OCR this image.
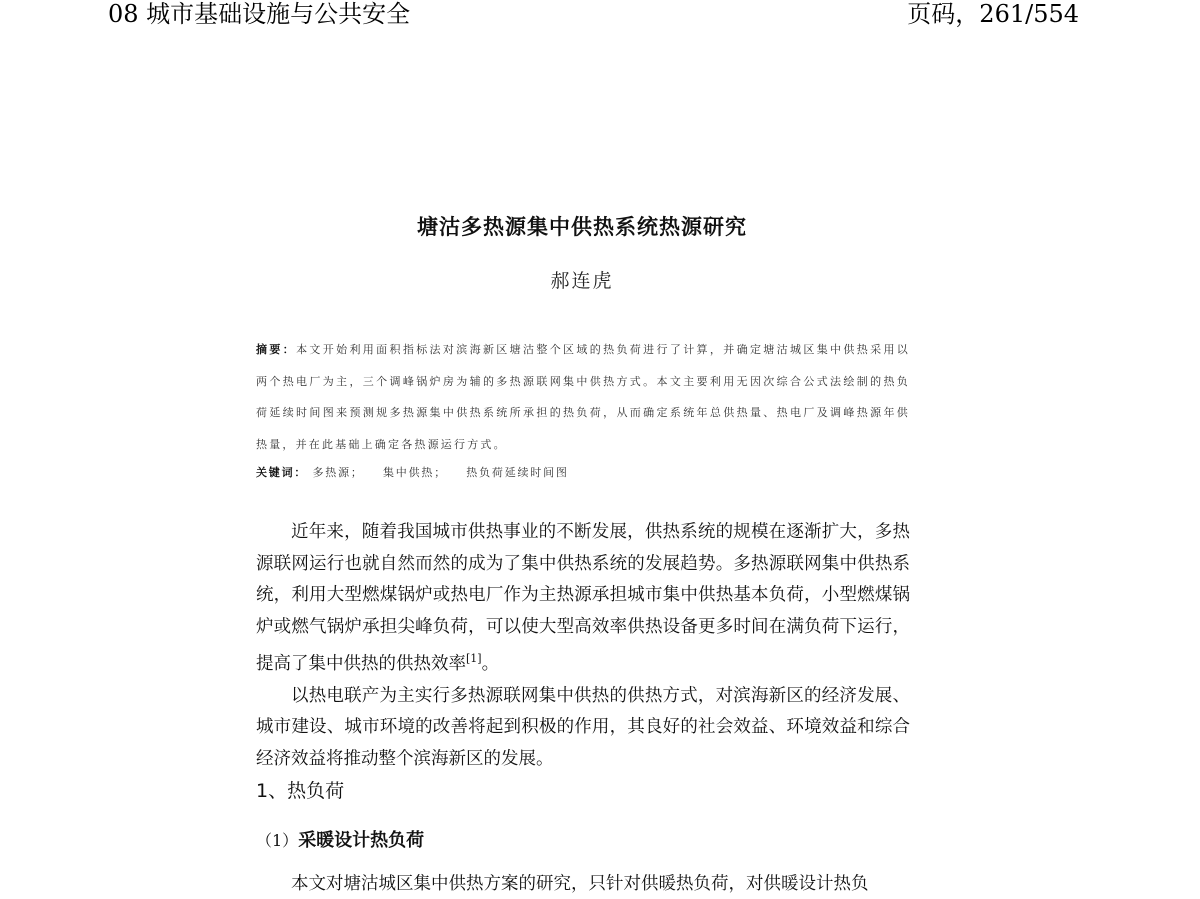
08 城市基础设施与公共安全	页码，261/554
塘沽多热源集中供热系统热源研究
郝连虎
摘要：本文开始利用面积指标法对滨海新区塘沽整个区域的热负荷进行了计算，并确定塘沽城区集中供热采用以两个热电厂为主，三个调峰锅炉房为辅的多热源联网集中供热方式。本文主要利用无因次综合公式法绘制的热负荷延续时间图来预测规多热源集中供热系统所承担的热负荷，从而确定系统年总供热量、热电厂及调峰热源年供热量，并在此基础上确定各热源运行方式。
关键词： 多热源； 集中供热； 热负荷延续时间图

近年来，随着我国城市供热事业的不断发展，供热系统的规模在逐渐扩大，多热源联网运行也就自然而然的成为了集中供热系统的发展趋势。多热源联网集中供热系统，利用大型燃煤锅炉或热电厂作为主热源承担城市集中供热基本负荷，小型燃煤锅炉或燃气锅炉承担尖峰负荷，可以使大型高效率供热设备更多时间在满负荷下运行，提高了集中供热的供热效率[1]。

以热电联产为主实行多热源联网集中供热的供热方式，对滨海新区的经济发展、城市建设、城市环境的改善将起到积极的作用，其良好的社会效益、环境效益和综合经济效益将推动整个滨海新区的发展。

1、热负荷
（1）采暖设计热负荷
本文对塘沽城区集中供热方案的研究，只针对供暖热负荷，对供暖设计热负
